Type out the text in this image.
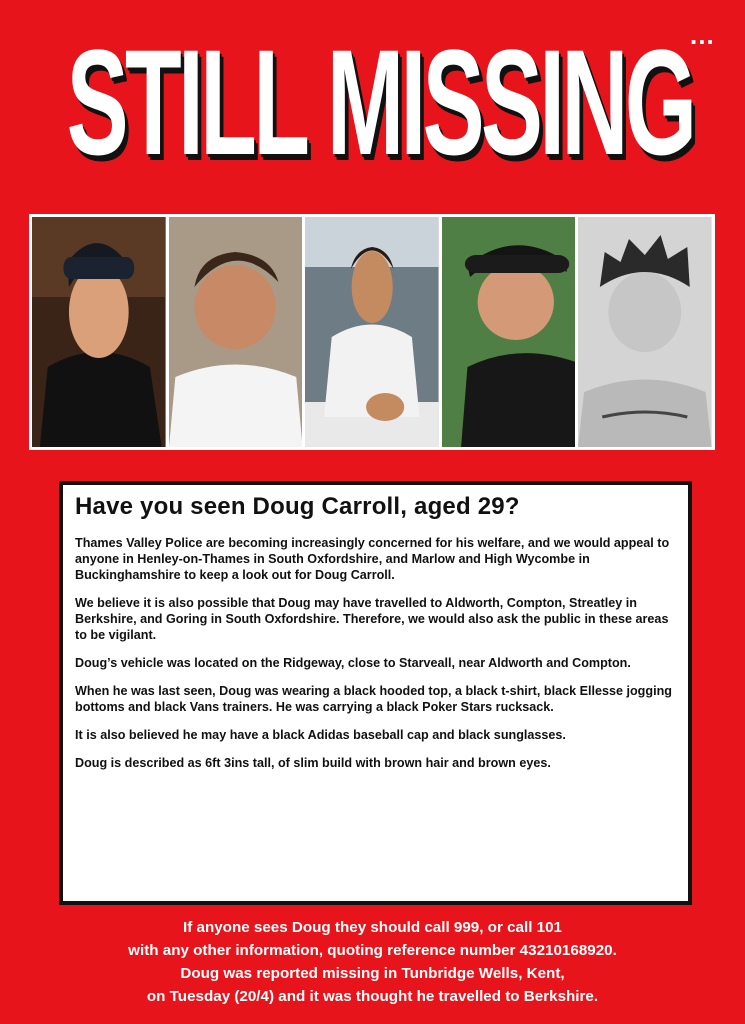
STILL MISSING
...
Have you seen Doug Carroll, aged 29?

Thames Valley Police are becoming increasingly concerned for his welfare, and we would appeal to anyone in Henley-on-Thames in South Oxfordshire, and Marlow and High Wycombe in Buckinghamshire to keep a look out for Doug Carroll.

We believe it is also possible that Doug may have travelled to Aldworth, Compton, Streatley in Berkshire, and Goring in South Oxfordshire. Therefore, we would also ask the public in these areas to be vigilant.

Doug’s vehicle was located on the Ridgeway, close to Starveall, near Aldworth and Compton.

When he was last seen, Doug was wearing a black hooded top, a black t-shirt, black Ellesse jogging bottoms and black Vans trainers. He was carrying a black Poker Stars rucksack.

It is also believed he may have a black Adidas baseball cap and black sunglasses.

Doug is described as 6ft 3ins tall, of slim build with brown hair and brown eyes.

If anyone sees Doug they should call 999, or call 101
with any other information, quoting reference number 43210168920.
Doug was reported missing in Tunbridge Wells, Kent,
on Tuesday (20/4) and it was thought he travelled to Berkshire.
